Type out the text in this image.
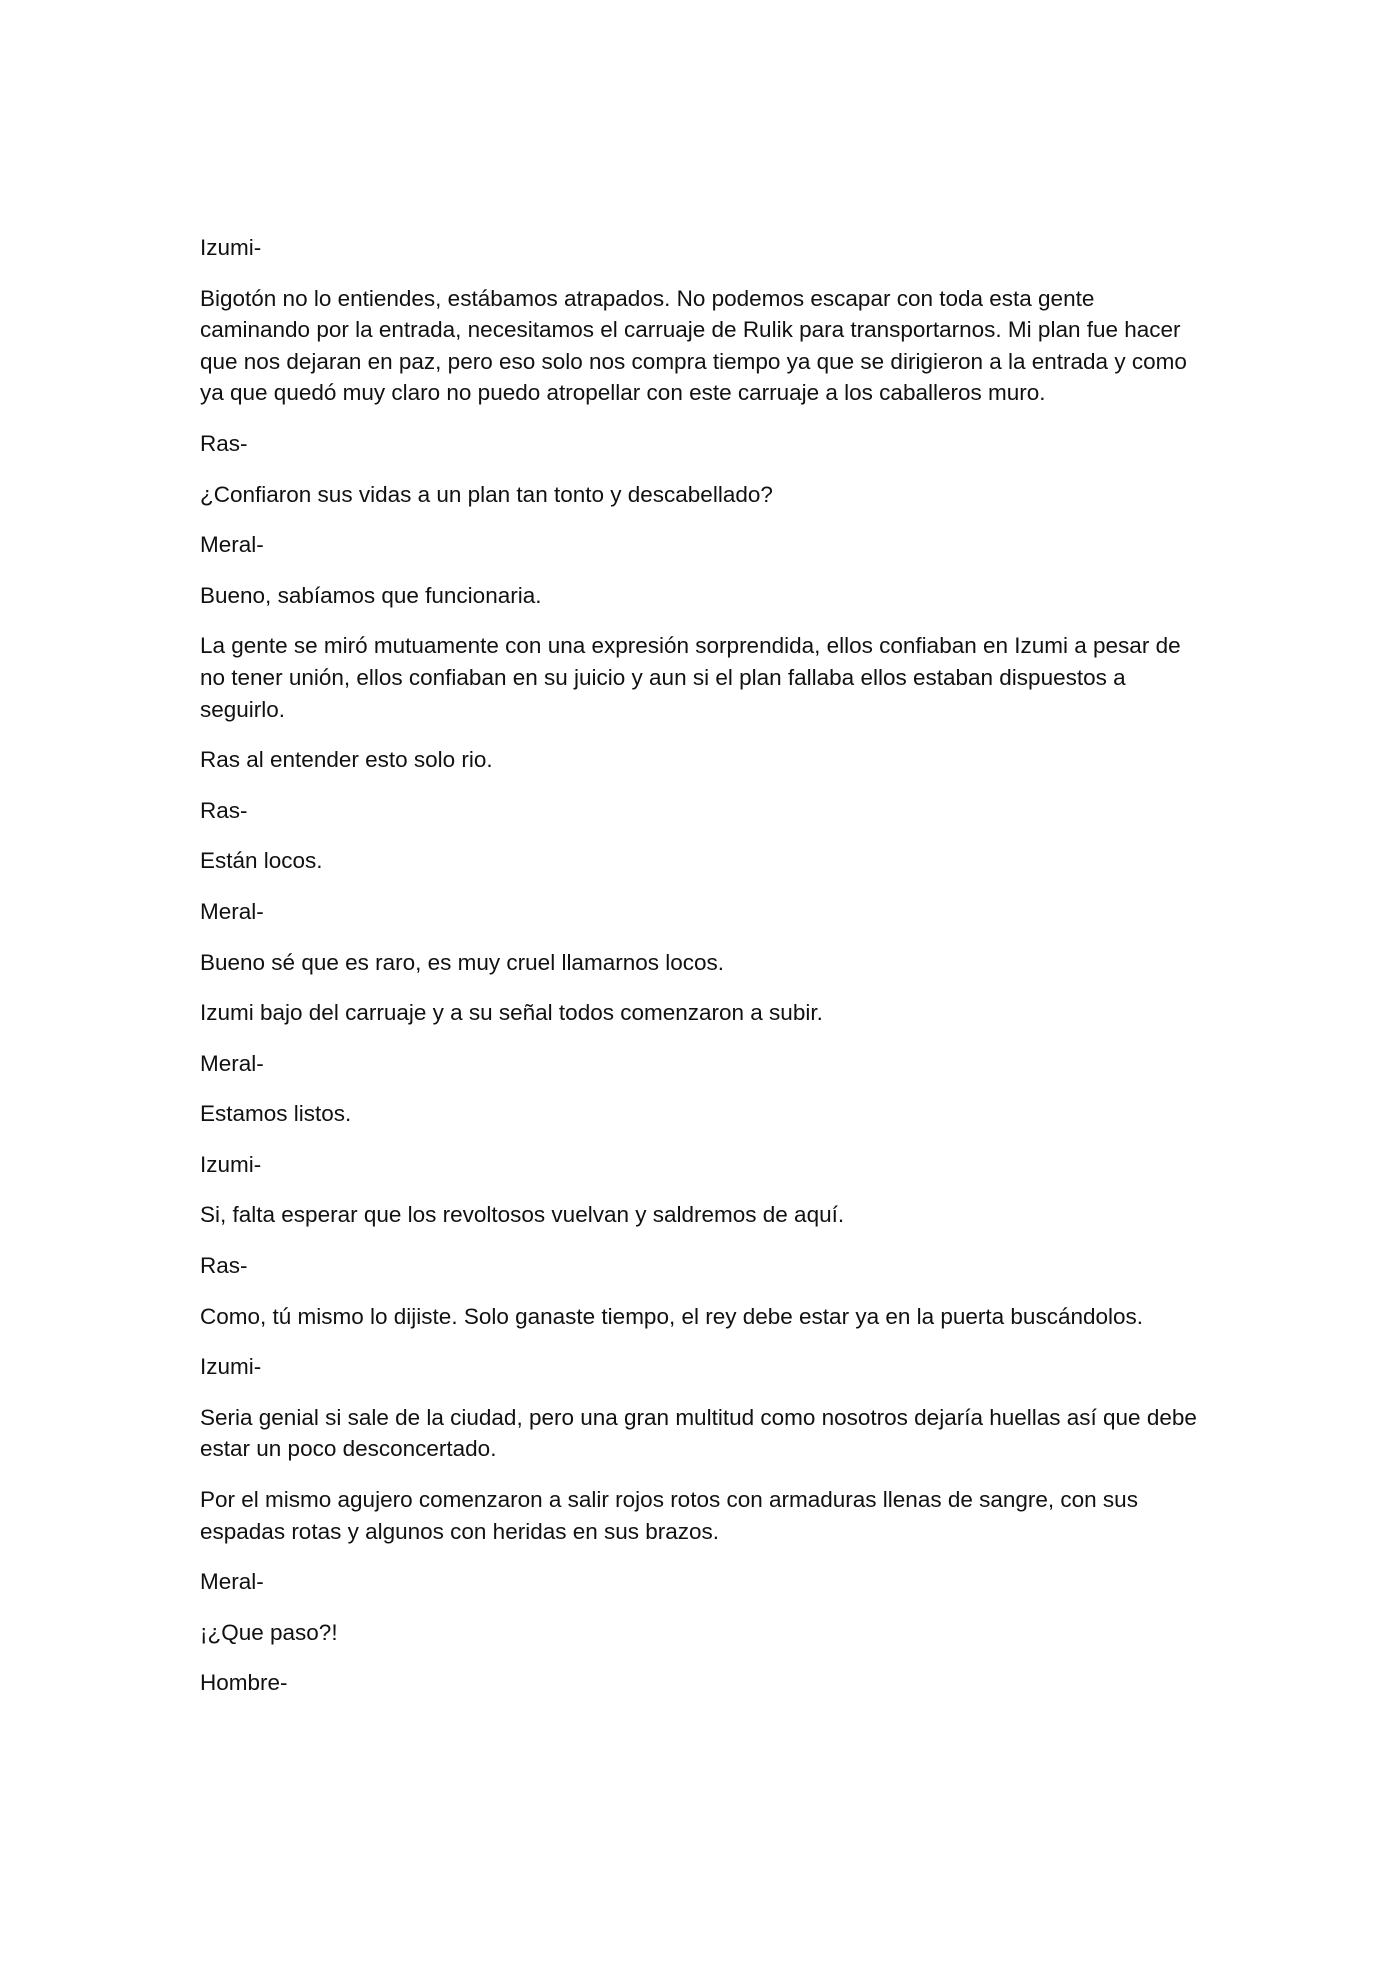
Izumi-

Bigotón no lo entiendes, estábamos atrapados. No podemos escapar con toda esta gente caminando por la entrada, necesitamos el carruaje de Rulik para transportarnos. Mi plan fue hacer que nos dejaran en paz, pero eso solo nos compra tiempo ya que se dirigieron a la entrada y como ya que quedó muy claro no puedo atropellar con este carruaje a los caballeros muro.

Ras-

¿Confiaron sus vidas a un plan tan tonto y descabellado?

Meral-

Bueno, sabíamos que funcionaria.

La gente se miró mutuamente con una expresión sorprendida, ellos confiaban en Izumi a pesar de no tener unión, ellos confiaban en su juicio y aun si el plan fallaba ellos estaban dispuestos a seguirlo.

Ras al entender esto solo rio.

Ras-

Están locos.

Meral-

Bueno sé que es raro, es muy cruel llamarnos locos.

Izumi bajo del carruaje y a su señal todos comenzaron a subir.

Meral-

Estamos listos.

Izumi-

Si, falta esperar que los revoltosos vuelvan y saldremos de aquí.

Ras-

Como, tú mismo lo dijiste. Solo ganaste tiempo, el rey debe estar ya en la puerta buscándolos.

Izumi-

Seria genial si sale de la ciudad, pero una gran multitud como nosotros dejaría huellas así que debe estar un poco desconcertado.

Por el mismo agujero comenzaron a salir rojos rotos con armaduras llenas de sangre, con sus espadas rotas y algunos con heridas en sus brazos.

Meral-

¡¿Que paso?!

Hombre-
